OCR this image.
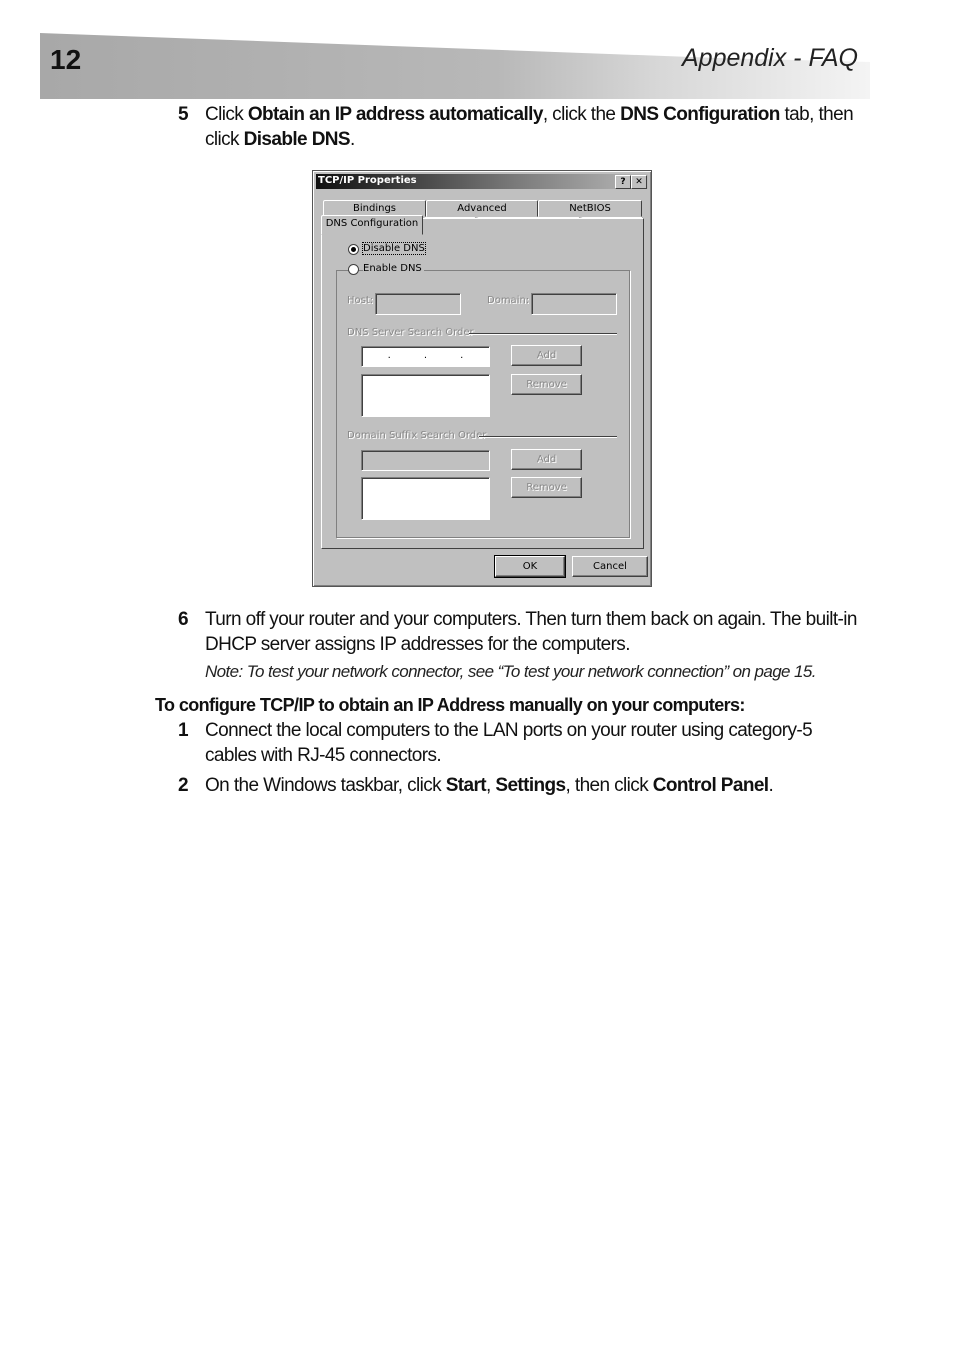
12	Appendix - FAQ
5 Click Obtain an IP address automatically, click the DNS Configuration tab, then click Disable DNS.
TCP/IP Properties	?	✕
Bindings	Advanced	NetBIOS
DNS Configuration
Disable DNS
Enable DNS
Host:	Domain:
DNS Server Search Order
.	.	.	Add
Remove
Domain Suffix Search Order
Add
Remove
OK	Cancel
6 Turn off your router and your computers. Then turn them back on again. The built-in DHCP server assigns IP addresses for the computers.
Note: To test your network connector, see “To test your network connection” on page 15.
To configure TCP/IP to obtain an IP Address manually on your computers:
1 Connect the local computers to the LAN ports on your router using category-5 cables with RJ-45 connectors.
2 On the Windows taskbar, click Start, Settings, then click Control Panel.
